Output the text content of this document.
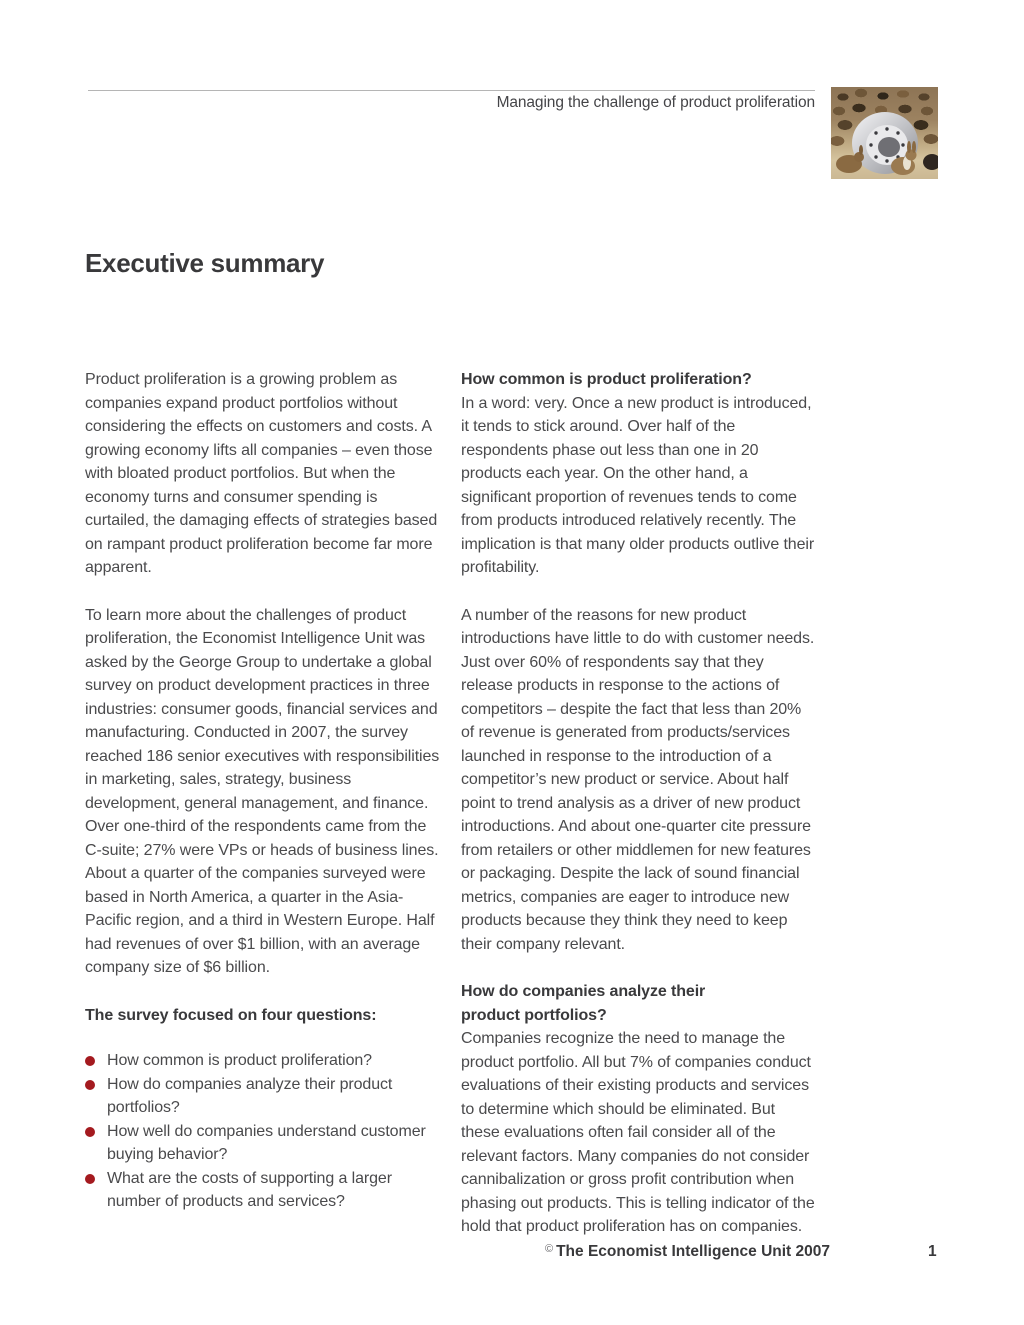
Managing the challenge of product proliferation
Executive summary

Product proliferation is a growing problem as companies expand product portfolios without considering the effects on customers and costs. A growing economy lifts all companies – even those with bloated product portfolios. But when the economy turns and consumer spending is curtailed, the damaging effects of strategies based on rampant product proliferation become far more apparent.

To learn more about the challenges of product proliferation, the Economist Intelligence Unit was asked by the George Group to undertake a global survey on product development practices in three industries: consumer goods, financial services and manufacturing. Conducted in 2007, the survey reached 186 senior executives with responsibilities in marketing, sales, strategy, business development, general management, and finance. Over one-third of the respondents came from the C-suite; 27% were VPs or heads of business lines. About a quarter of the companies surveyed were based in North America, a quarter in the Asia-Pacific region, and a third in Western Europe. Half had revenues of over $1 billion, with an average company size of $6 billion.

The survey focused on four questions:
How common is product proliferation?
How do companies analyze their product portfolios?
How well do companies understand customer buying behavior?
What are the costs of supporting a larger number of products and services?
How common is product proliferation?

In a word: very. Once a new product is introduced, it tends to stick around. Over half of the respondents phase out less than one in 20 products each year. On the other hand, a significant proportion of revenues tends to come from products introduced relatively recently. The implication is that many older products outlive their profitability.

A number of the reasons for new product introductions have little to do with customer needs. Just over 60% of respondents say that they release products in response to the actions of competitors – despite the fact that less than 20% of revenue is generated from products/services launched in response to the introduction of a competitor’s new product or service. About half point to trend analysis as a driver of new product introductions. And about one-quarter cite pressure from retailers or other middlemen for new features or packaging. Despite the lack of sound financial metrics, companies are eager to introduce new products because they think they need to keep their company relevant.

How do companies analyze their
product portfolios?

Companies recognize the need to manage the product portfolio. All but 7% of companies conduct evaluations of their existing products and services to determine which should be eliminated. But these evaluations often fail consider all of the relevant factors. Many companies do not consider cannibalization or gross profit contribution when phasing out products. This is telling indicator of the hold that product proliferation has on companies.

© The Economist Intelligence Unit 2007	1
